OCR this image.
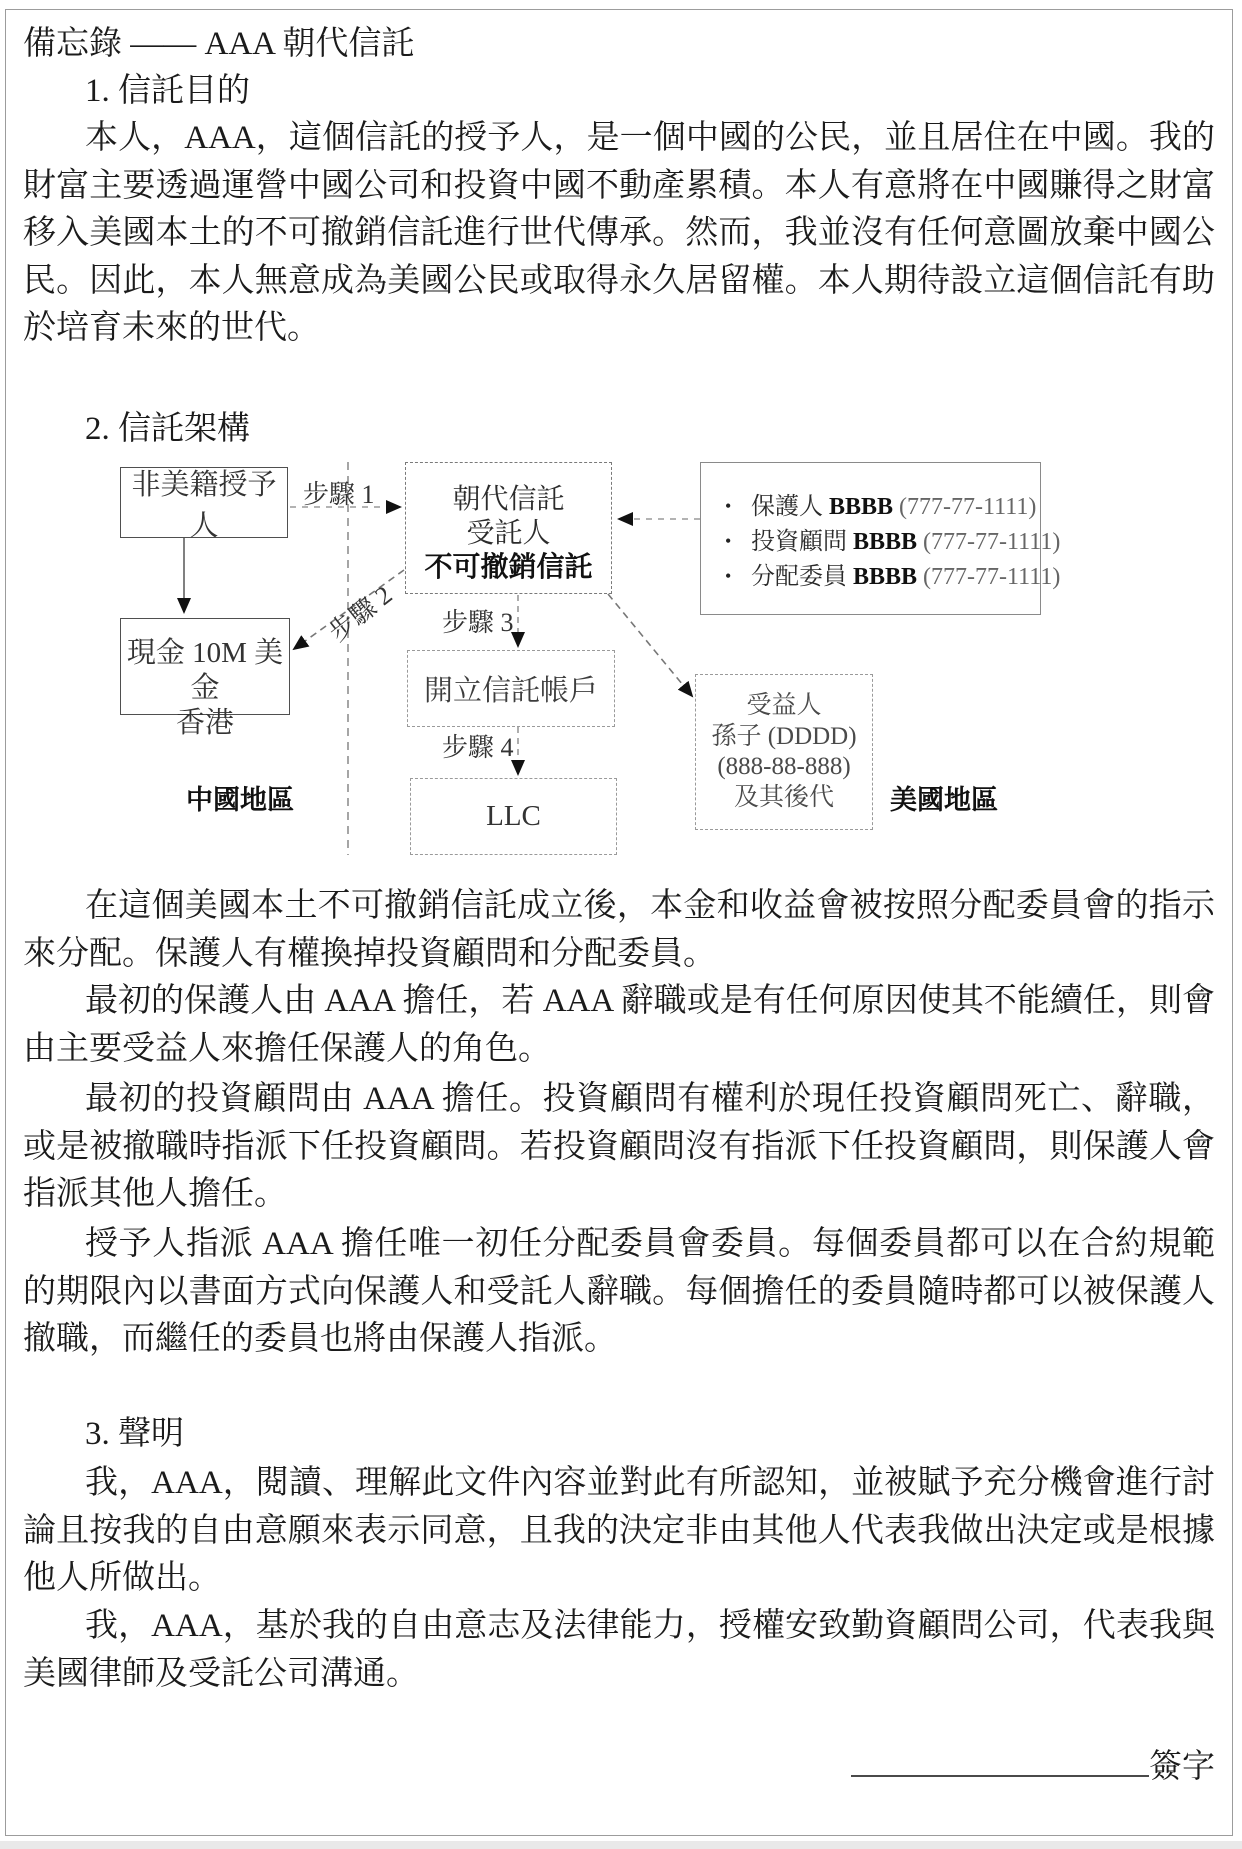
備忘錄 —— AAA 朝代信託

1. 信託目的

本人，AAA，這個信託的授予人，是一個中國的公民，並且居住在中國。我的財富主要透過運營中國公司和投資中國不動產累積。本人有意將在中國賺得之財富移入美國本土的不可撤銷信託進行世代傳承。然而，我並沒有任何意圖放棄中國公民。因此，本人無意成為美國公民或取得永久居留權。本人期待設立這個信託有助於培育未來的世代。

2. 信託架構

非美籍授予人
現金 10M 美金
香港
朝代信託
受託人
不可撤銷信託
開立信託帳戶
LLC
受益人
孫子 (DDDD)
(888-88-888)
及其後代
• 保護人 BBBB (777-77-1111)
• 投資顧問 BBBB (777-77-1111)
• 分配委員 BBBB (777-77-1111)
步驟 1
步驟 2 步驟 3
步驟 4
中國地區	美國地區

在這個美國本土不可撤銷信託成立後，本金和收益會被按照分配委員會的指示來分配。保護人有權換掉投資顧問和分配委員。

最初的保護人由 AAA 擔任，若 AAA 辭職或是有任何原因使其不能續任，則會由主要受益人來擔任保護人的角色。

最初的投資顧問由 AAA 擔任。投資顧問有權利於現任投資顧問死亡、辭職，或是被撤職時指派下任投資顧問。若投資顧問沒有指派下任投資顧問，則保護人會指派其他人擔任。

授予人指派 AAA 擔任唯一初任分配委員會委員。每個委員都可以在合約規範的期限內以書面方式向保護人和受託人辭職。每個擔任的委員隨時都可以被保護人撤職，而繼任的委員也將由保護人指派。

3. 聲明

我，AAA，閱讀、理解此文件內容並對此有所認知，並被賦予充分機會進行討論且按我的自由意願來表示同意，且我的決定非由其他人代表我做出決定或是根據他人所做出。

我，AAA，基於我的自由意志及法律能力，授權安致勤資顧問公司，代表我與美國律師及受託公司溝通。

簽字
